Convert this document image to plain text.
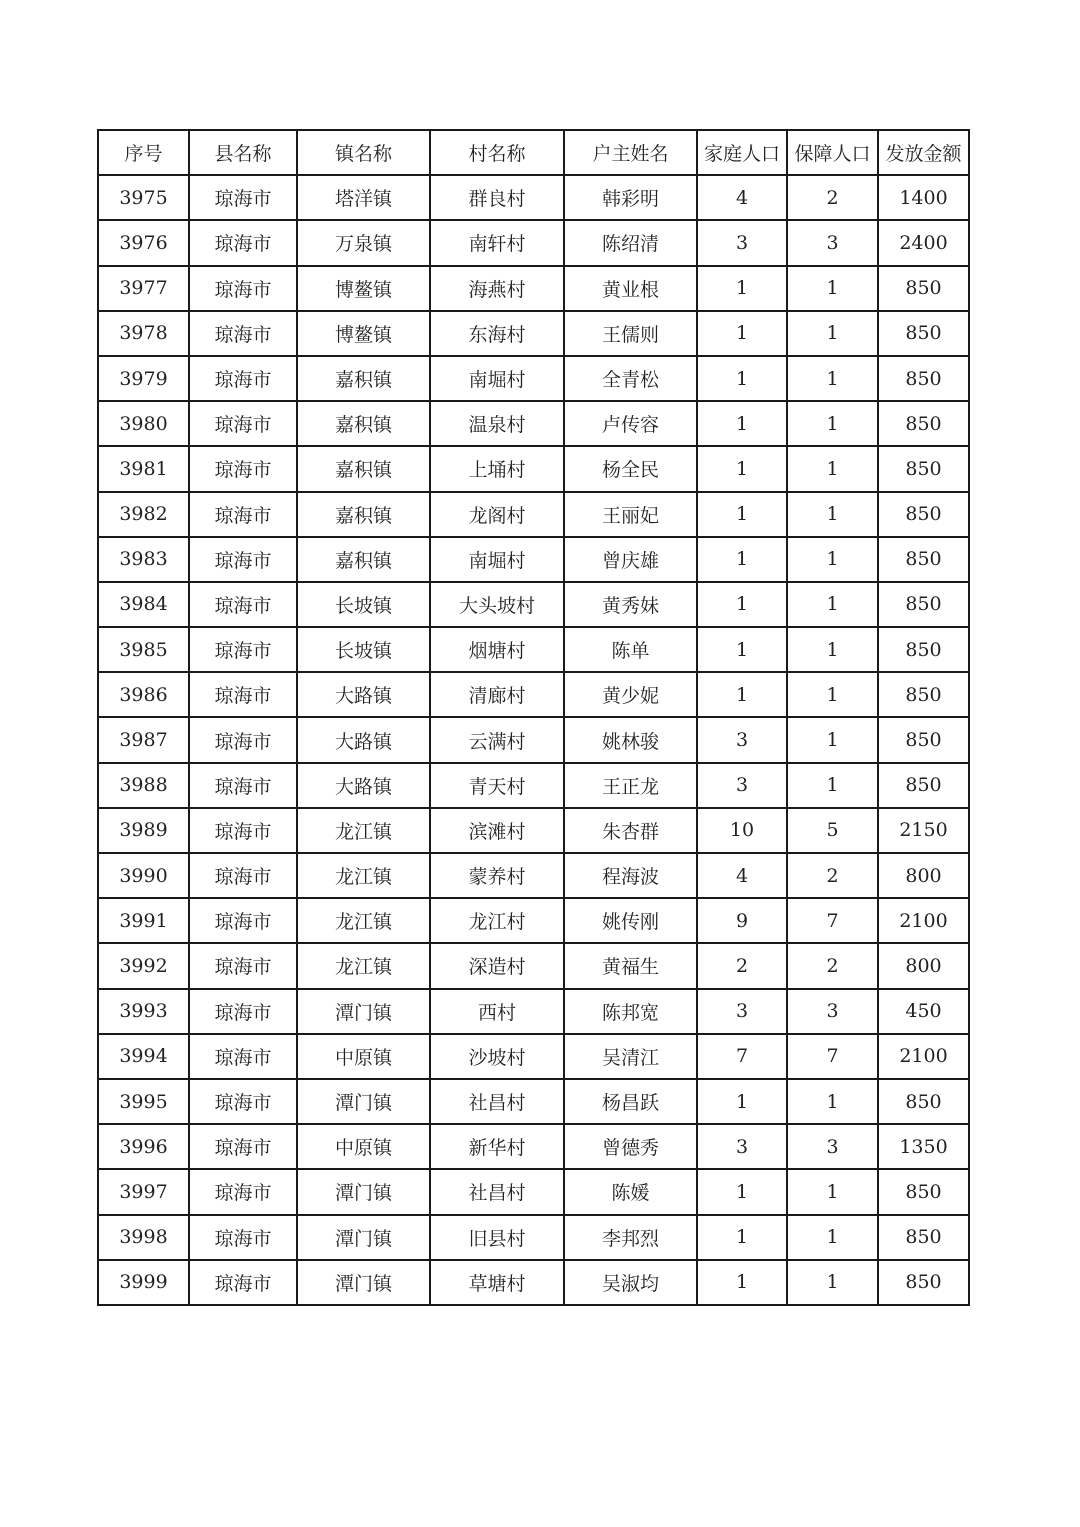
序号	县名称	镇名称	村名称	户主姓名	家庭人口	保障人口	发放金额
3975	琼海市	塔洋镇	群良村	韩彩明	4	2	1400
3976	琼海市	万泉镇	南轩村	陈绍清	3	3	2400
3977	琼海市	博鳌镇	海燕村	黄业根	1	1	850
3978	琼海市	博鳌镇	东海村	王儒则	1	1	850
3979	琼海市	嘉积镇	南堀村	全青松	1	1	850
3980	琼海市	嘉积镇	温泉村	卢传容	1	1	850
3981	琼海市	嘉积镇	上埇村	杨全民	1	1	850
3982	琼海市	嘉积镇	龙阁村	王丽妃	1	1	850
3983	琼海市	嘉积镇	南堀村	曾庆雄	1	1	850
3984	琼海市	长坡镇	大头坡村	黄秀妹	1	1	850
3985	琼海市	长坡镇	烟塘村	陈单	1	1	850
3986	琼海市	大路镇	清廊村	黄少妮	1	1	850
3987	琼海市	大路镇	云满村	姚林骏	3	1	850
3988	琼海市	大路镇	青天村	王正龙	3	1	850
3989	琼海市	龙江镇	滨滩村	朱杏群	10	5	2150
3990	琼海市	龙江镇	蒙养村	程海波	4	2	800
3991	琼海市	龙江镇	龙江村	姚传刚	9	7	2100
3992	琼海市	龙江镇	深造村	黄福生	2	2	800
3993	琼海市	潭门镇	西村	陈邦宽	3	3	450
3994	琼海市	中原镇	沙坡村	吴清江	7	7	2100
3995	琼海市	潭门镇	社昌村	杨昌跃	1	1	850
3996	琼海市	中原镇	新华村	曾德秀	3	3	1350
3997	琼海市	潭门镇	社昌村	陈媛	1	1	850
3998	琼海市	潭门镇	旧县村	李邦烈	1	1	850
3999	琼海市	潭门镇	草塘村	吴淑均	1	1	850
